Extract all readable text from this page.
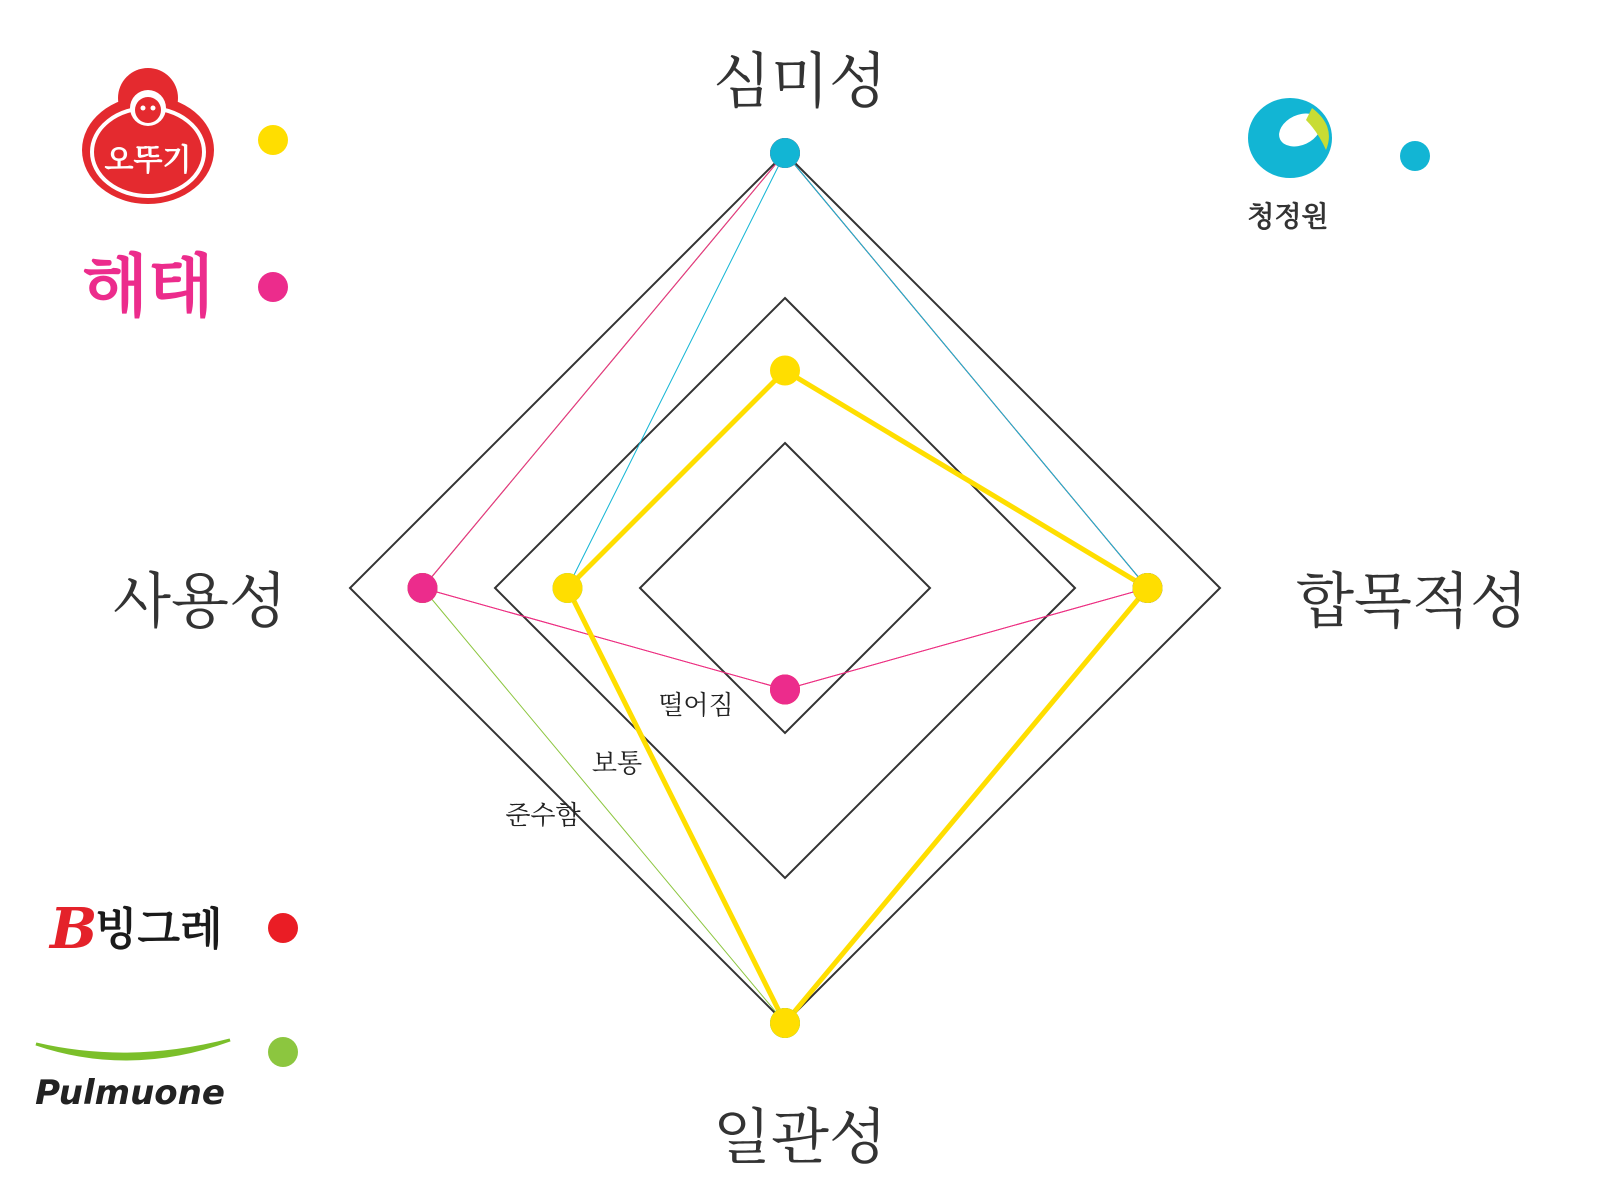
심미성
합목적성
일관성
사용성
떨어짐
보통
준수함
오뚜기
해태
B
빙그레
Pulmuone
청정원
